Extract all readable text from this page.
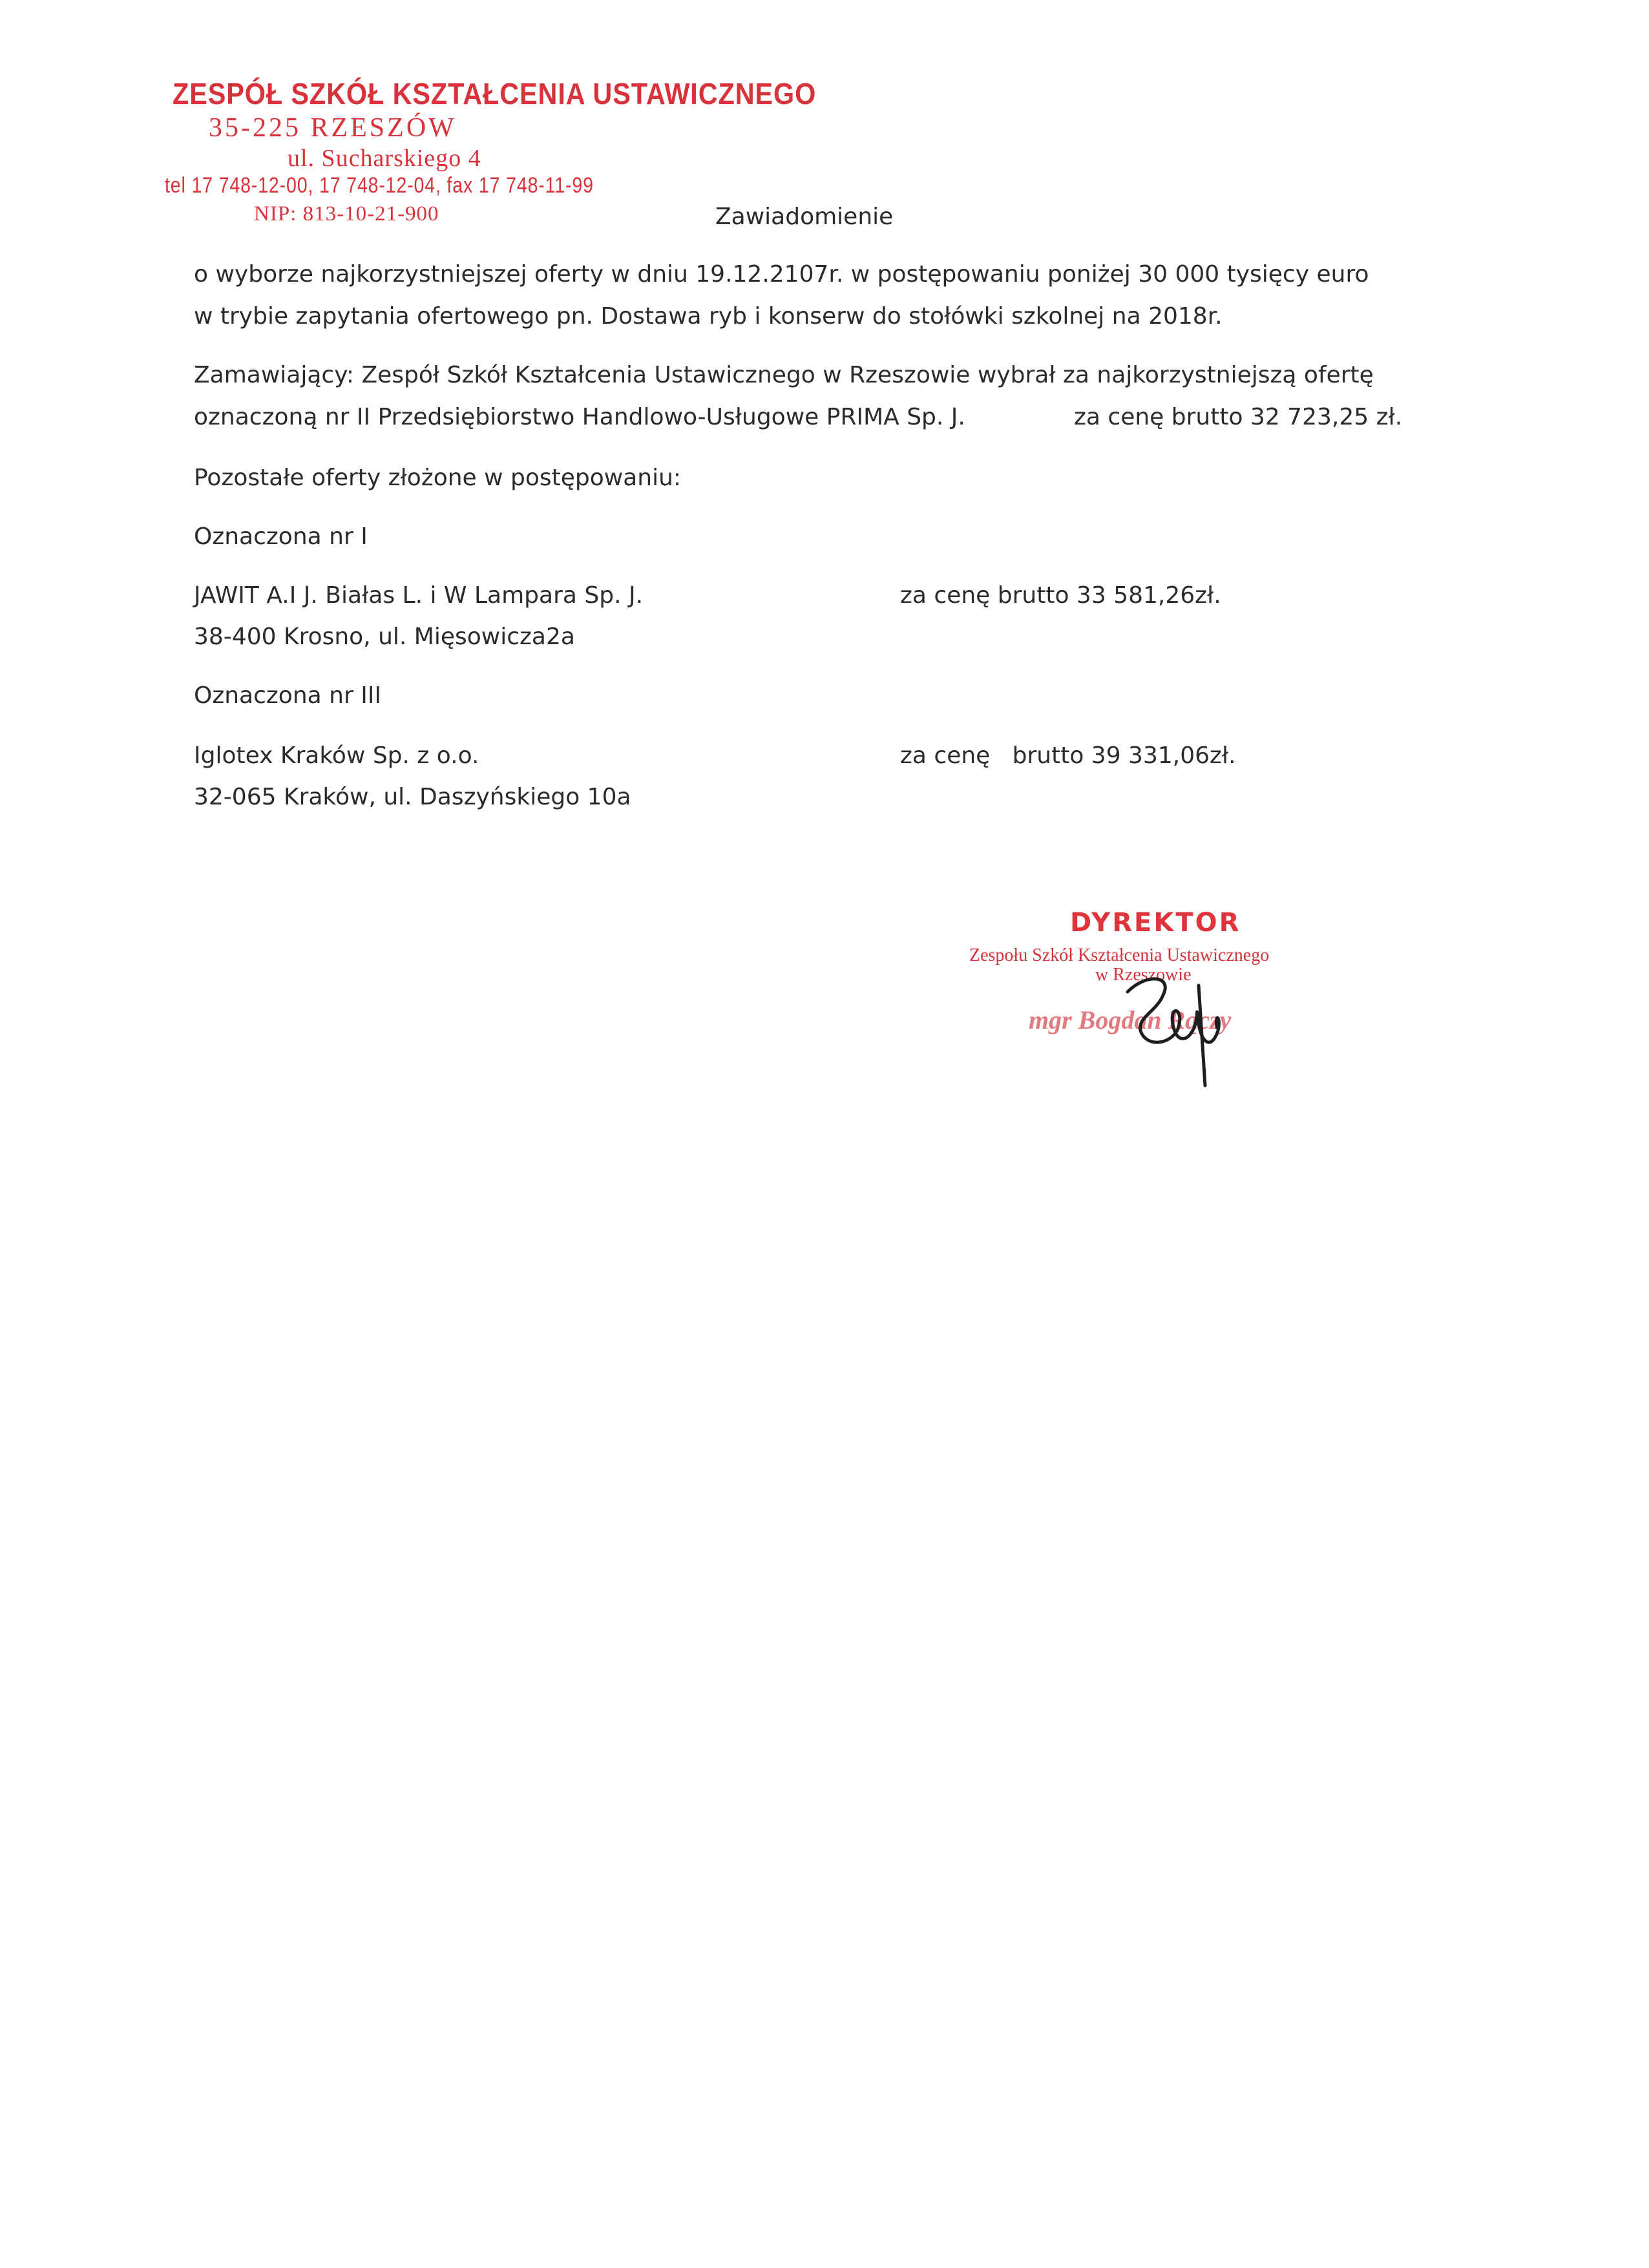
ZESPÓŁ SZKÓŁ KSZTAŁCENIA USTAWICZNEGO
35-225 RZESZÓW
ul. Sucharskiego 4
tel 17 748-12-00, 17 748-12-04, fax 17 748-11-99
NIP: 813-10-21-900	Zawiadomienie
o wyborze najkorzystniejszej oferty w dniu 19.12.2107r. w postępowaniu poniżej 30 000 tysięcy euro
w trybie zapytania ofertowego pn. Dostawa ryb i konserw do stołówki szkolnej na 2018r.
Zamawiający: Zespół Szkół Kształcenia Ustawicznego w Rzeszowie wybrał za najkorzystniejszą ofertę
oznaczoną nr II Przedsiębiorstwo Handlowo-Usługowe PRIMA Sp. J.	za cenę brutto 32 723,25 zł.
Pozostałe oferty złożone w postępowaniu:
Oznaczona nr I
JAWIT A.I J. Białas L. i W Lampara Sp. J.	za cenę brutto 33 581,26zł.
38-400 Krosno, ul. Mięsowicza2a
Oznaczona nr III
Iglotex Kraków Sp. z o.o.	za cenę   brutto 39 331,06zł.
32-065 Kraków, ul. Daszyńskiego 10a
DYREKTOR
Zespołu Szkół Kształcenia Ustawicznego
w Rzeszowie
mgr Bogdan Rączy
